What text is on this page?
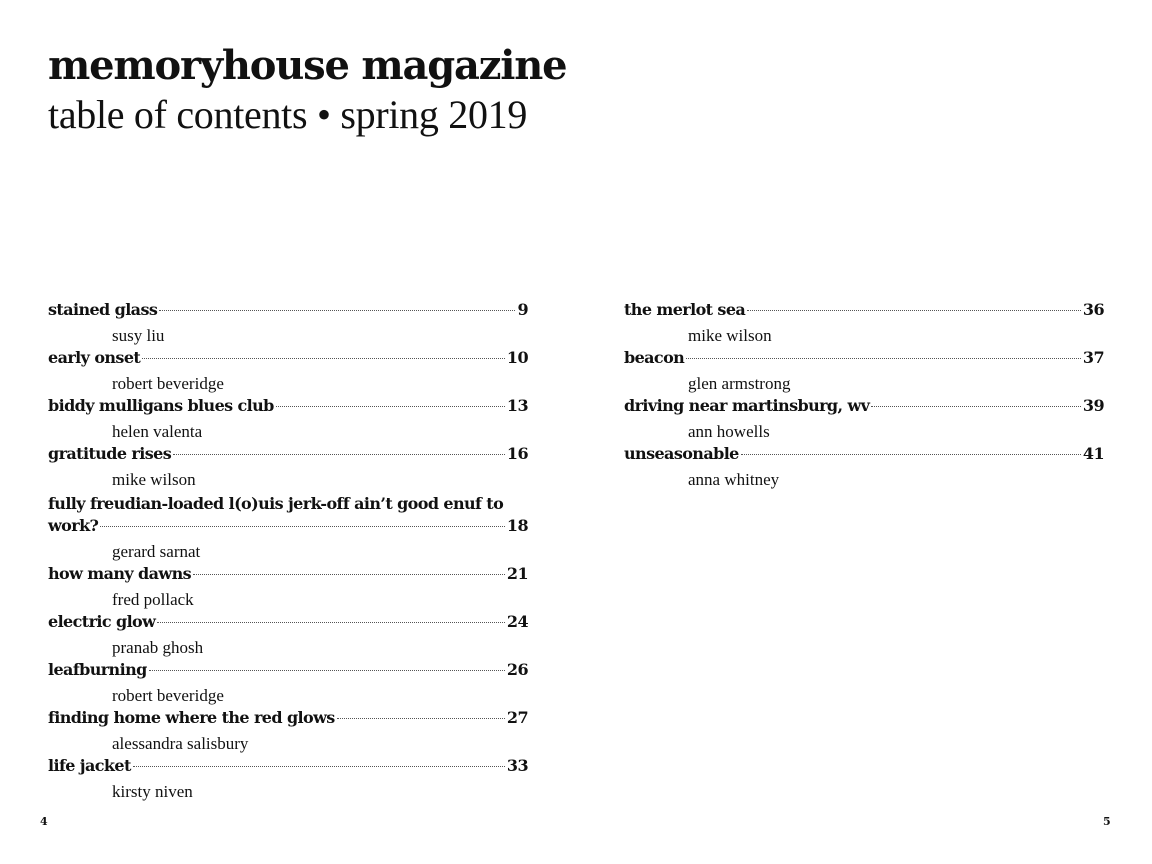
memoryhouse magazine
table of contents • spring 2019
stained glass	9
susy liu
early onset	10
robert beveridge
biddy mulligans blues club	13
helen valenta
gratitude rises	16
mike wilson
fully freudian-loaded l(o)uis jerk-off ain’t good enuf to
work?	18
gerard sarnat
how many dawns	21
fred pollack
electric glow	24
pranab ghosh
leafburning	26
robert beveridge
finding home where the red glows	27
alessandra salisbury
life jacket	33
kirsty niven
the merlot sea	36
mike wilson
beacon	37
glen armstrong
driving near martinsburg, wv	39
ann howells
unseasonable	41
anna whitney
4	5
